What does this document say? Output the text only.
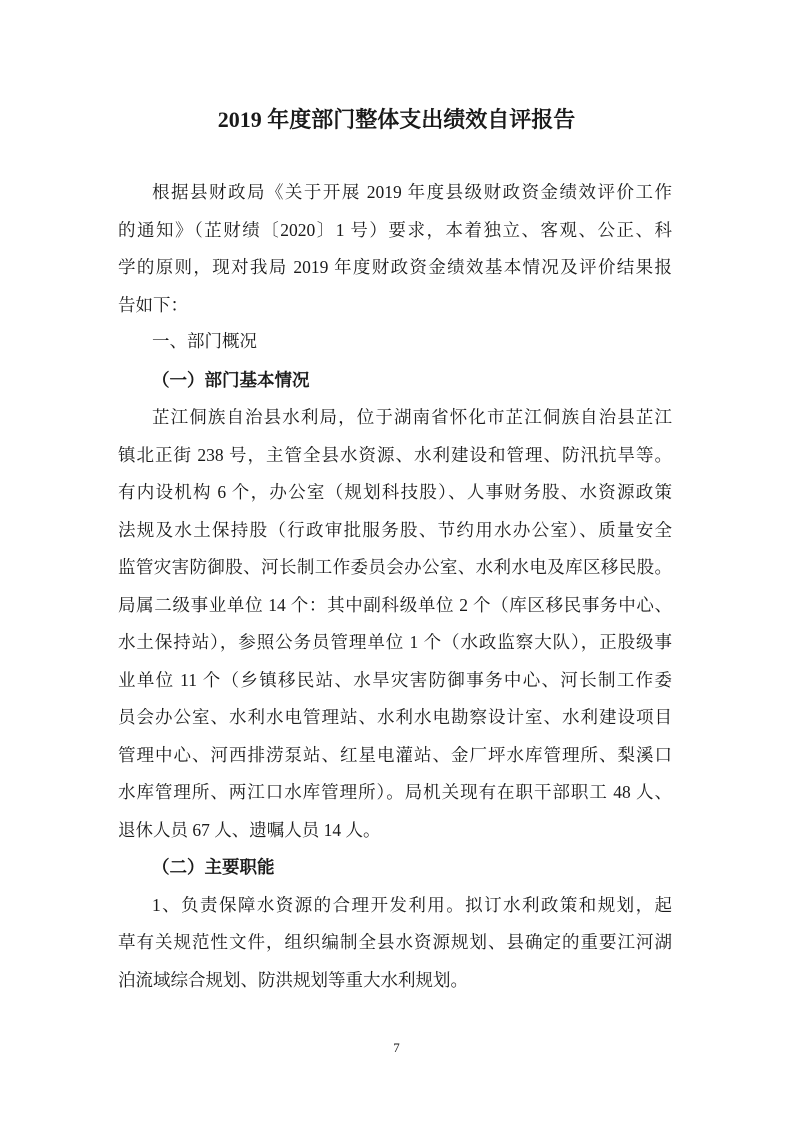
2019 年度部门整体支出绩效自评报告
根据县财政局《关于开展 2019 年度县级财政资金绩效评价工作
的通知》（芷财绩〔2020〕1 号）要求，本着独立、客观、公正、科
学的原则，现对我局 2019 年度财政资金绩效基本情况及评价结果报
告如下：
一、部门概况
（一）部门基本情况
芷江侗族自治县水利局，位于湖南省怀化市芷江侗族自治县芷江
镇北正街 238 号，主管全县水资源、水利建设和管理、防汛抗旱等。
有内设机构 6 个，办公室（规划科技股）、人事财务股、水资源政策
法规及水土保持股（行政审批服务股、节约用水办公室）、质量安全
监管灾害防御股、河长制工作委员会办公室、水利水电及库区移民股。
局属二级事业单位 14 个：其中副科级单位 2 个（库区移民事务中心、
水土保持站），参照公务员管理单位 1 个（水政监察大队），正股级事
业单位 11 个（乡镇移民站、水旱灾害防御事务中心、河长制工作委
员会办公室、水利水电管理站、水利水电勘察设计室、水利建设项目
管理中心、河西排涝泵站、红星电灌站、金厂坪水库管理所、梨溪口
水库管理所、两江口水库管理所）。局机关现有在职干部职工 48 人、
退休人员 67 人、遗嘱人员 14 人。
（二）主要职能
1、负责保障水资源的合理开发利用。拟订水利政策和规划，起
草有关规范性文件，组织编制全县水资源规划、县确定的重要江河湖
泊流域综合规划、防洪规划等重大水利规划。
7
